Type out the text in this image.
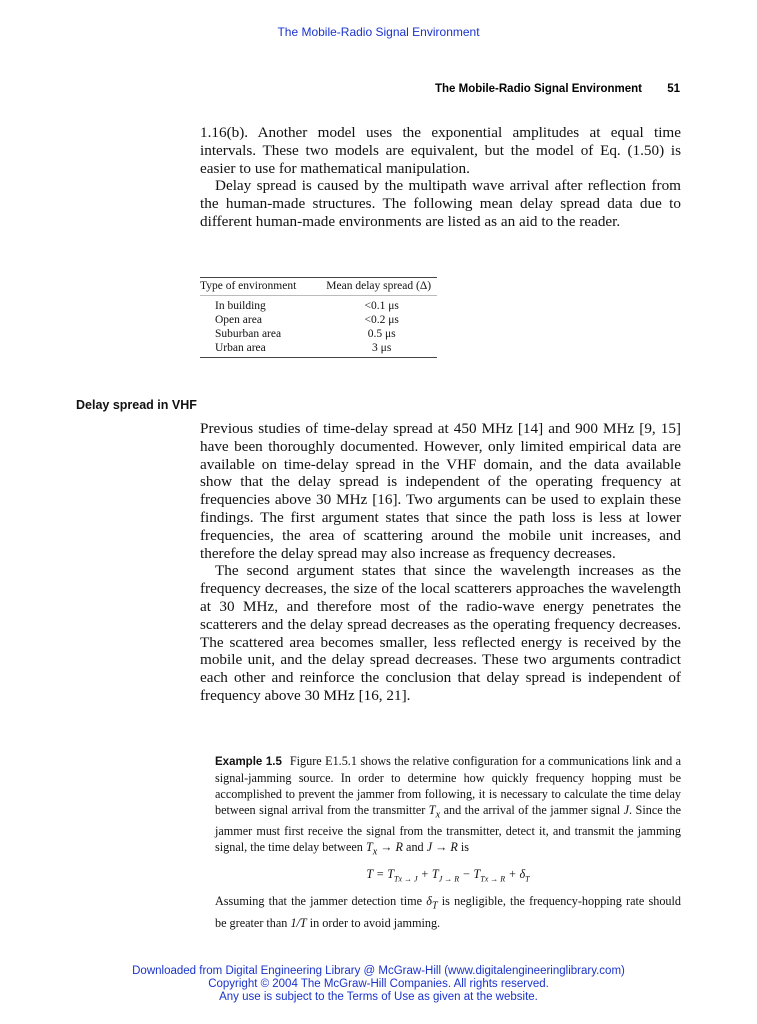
The Mobile-Radio Signal Environment
The Mobile-Radio Signal Environment 51

1.16(b). Another model uses the exponential amplitudes at equal time intervals. These two models are equivalent, but the model of Eq. (1.50) is easier to use for mathematical manipulation.

Delay spread is caused by the multipath wave arrival after reflection from the human-made structures. The following mean delay spread data due to different human-made environments are listed as an aid to the reader.

Type of environment	Mean delay spread (Δ)
In building	<0.1 μs
Open area	<0.2 μs
Suburban area	0.5 μs
Urban area	3 μs
Delay spread in VHF

Previous studies of time-delay spread at 450 MHz [14] and 900 MHz [9, 15] have been thoroughly documented. However, only limited empirical data are available on time-delay spread in the VHF domain, and the data available show that the delay spread is independent of the operating frequency at frequencies above 30 MHz [16]. Two arguments can be used to explain these findings. The first argument states that since the path loss is less at lower frequencies, the area of scattering around the mobile unit increases, and therefore the delay spread may also increase as frequency decreases.

The second argument states that since the wavelength increases as the frequency decreases, the size of the local scatterers approaches the wavelength at 30 MHz, and therefore most of the radio-wave energy penetrates the scatterers and the delay spread decreases as the operating frequency decreases. The scattered area becomes smaller, less reflected energy is received by the mobile unit, and the delay spread decreases. These two arguments contradict each other and reinforce the conclusion that delay spread is independent of frequency above 30 MHz [16, 21].

Example 1.5 Figure E1.5.1 shows the relative configuration for a communications link and a signal-jamming source. In order to determine how quickly frequency hopping must be accomplished to prevent the jammer from following, it is necessary to calculate the time delay between signal arrival from the transmitter $T_x$ and the arrival of the jammer signal J. Since the jammer must first receive the signal from the transmitter, detect it, and transmit the jamming signal, the time delay between $T_x \to R$ and J → R is

$T = T_{Tx \to J} + T_{J \to R} - T_{Tx \to R} + \delta_T$

Assuming that the jammer detection time $\delta_T$ is negligible, the frequency-hopping rate should be greater than 1/T in order to avoid jamming.

Downloaded from Digital Engineering Library @ McGraw-Hill (www.digitalengineeringlibrary.com)
Copyright © 2004 The McGraw-Hill Companies. All rights reserved.
Any use is subject to the Terms of Use as given at the website.
